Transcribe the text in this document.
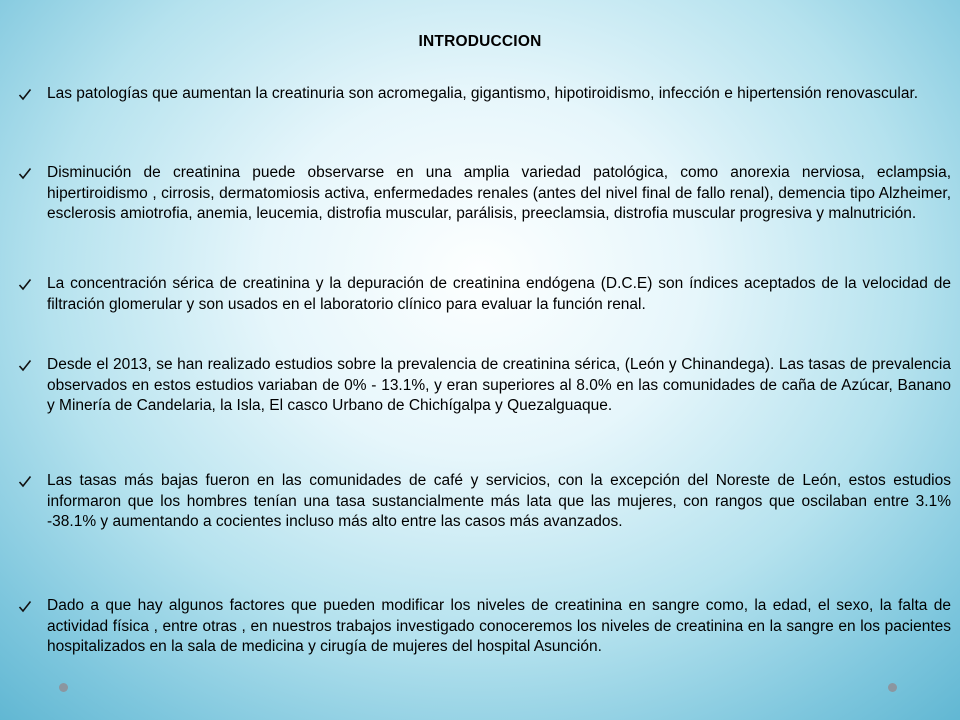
INTRODUCCION
Las patologías que aumentan la creatinuria son acromegalia, gigantismo, hipotiroidismo, infección e hipertensión renovascular.
Disminución de creatinina puede observarse en una amplia variedad patológica, como anorexia nerviosa, eclampsia, hipertiroidismo , cirrosis, dermatomiosis activa, enfermedades renales (antes del nivel final de fallo renal), demencia tipo Alzheimer, esclerosis amiotrofia, anemia, leucemia, distrofia muscular, parálisis, preeclamsia, distrofia muscular progresiva y malnutrición.
La concentración sérica de creatinina y la depuración de creatinina endógena (D.C.E) son índices aceptados de la velocidad de filtración glomerular y son usados en el laboratorio clínico para evaluar la función renal.
Desde el 2013, se han realizado estudios sobre la prevalencia de creatinina sérica, (León y Chinandega). Las tasas de prevalencia observados en estos estudios variaban de 0% - 13.1%, y eran superiores al 8.0% en las comunidades de caña de Azúcar, Banano y Minería de Candelaria, la Isla, El casco Urbano de Chichígalpa y Quezalguaque.
Las tasas más bajas fueron en las comunidades de café y servicios, con la excepción del Noreste de León, estos estudios informaron que los hombres tenían una tasa sustancialmente más lata que las mujeres, con rangos que oscilaban entre 3.1% -38.1% y aumentando a cocientes incluso más alto entre las casos más avanzados.
Dado a que hay algunos factores que pueden modificar los niveles de creatinina en sangre como, la edad, el sexo, la falta de actividad física , entre otras , en nuestros trabajos investigado conoceremos los niveles de creatinina en la sangre en los pacientes hospitalizados en la sala de medicina y cirugía de mujeres del hospital Asunción.
